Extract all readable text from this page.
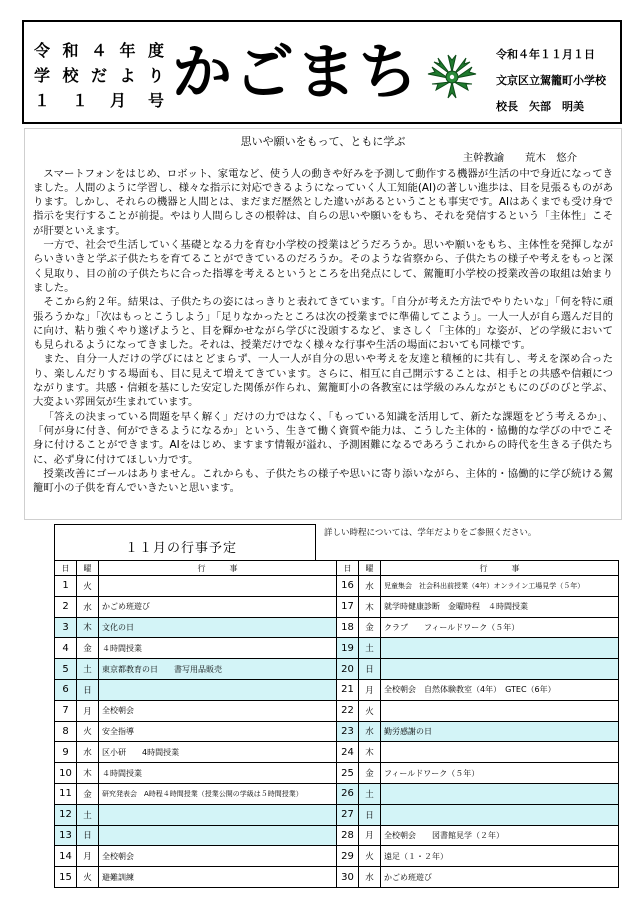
令和４年度
学校だより
１１月号 かごまち	令和４年１１月１日
文京区立駕籠町小学校
校長　矢部　明美
思いや願いをもって、ともに学ぶ
主幹教諭　　荒木　悠介

スマートフォンをはじめ、ロボット、家電など、使う人の動きや好みを予測して動作する機器が生活の中で身近になってきました。人間のように学習し、様々な指示に対応できるようになっていく人工知能(AI)の著しい進歩は、目を見張るものがあります。しかし、それらの機器と人間とは、まだまだ歴然とした違いがあるということも事実です。AIはあくまでも受け身で指示を実行することが前提。やはり人間らしさの根幹は、自らの思いや願いをもち、それを発信するという「主体性」こそが肝要といえます。

一方で、社会で生活していく基礎となる力を育む小学校の授業はどうだろうか。思いや願いをもち、主体性を発揮しながらいきいきと学ぶ子供たちを育てることができているのだろうか。そのような省察から、子供たちの様子や考えをもっと深く見取り、目の前の子供たちに合った指導を考えるというところを出発点にして、駕籠町小学校の授業改善の取組は始まりました。

そこから約２年。結果は、子供たちの姿にはっきりと表れてきています。「自分が考えた方法でやりたいな」「何を特に頑張ろうかな」「次はもっとこうしよう」「足りなかったところは次の授業までに準備してこよう」。一人一人が自ら選んだ目的に向け、粘り強くやり遂げようと、目を輝かせながら学びに没頭するなど、まさしく「主体的」な姿が、どの学級においても見られるようになってきました。それは、授業だけでなく様々な行事や生活の場面においても同様です。

また、自分一人だけの学びにはとどまらず、一人一人が自分の思いや考えを友達と積極的に共有し、考えを深め合ったり、楽しんだりする場面も、目に見えて増えてきています。さらに、相互に自己開示することは、相手との共感や信頼につながります。共感・信頼を基にした安定した関係が作られ、駕籠町小の各教室には学級のみんながともにのびのびと学ぶ、大変よい雰囲気が生まれています。

「答えの決まっている問題を早く解く」だけの力ではなく、「もっている知識を活用して、新たな課題をどう考えるか」、「何が身に付き、何ができるようになるか」という、生きて働く資質や能力は、こうした主体的・協働的な学びの中でこそ身に付けることができます。AIをはじめ、ますます情報が溢れ、予測困難になるであろうこれからの時代を生きる子供たちに、必ず身に付けてほしい力です。

授業改善にゴールはありません。これからも、子供たちの様子や思いに寄り添いながら、主体的・協働的に学び続ける駕籠町小の子供を育んでいきたいと思います。

１１月の行事予定
詳しい時程については、学年だよりをご参照ください。
日	曜	行　　　事	日	曜	行　　　事
1	火		16	水	児童集会　社会科出前授業（4年）オンライン工場見学（５年）
2	水	かごめ班遊び	17	木	就学時健康診断　金曜時程　４時間授業
3	木	文化の日	18	金	クラブ　　フィールドワーク（５年）
4	金	４時間授業	19	土	
5	土	東京都教育の日　　書写用品販売	20	日	
6	日		21	月	全校朝会　自然体験教室（4年）　GTEC（6年）
7	月	全校朝会	22	火	
8	火	安全指導	23	水	勤労感謝の日
9	水	区小研　　4時間授業	24	木	
10	木	４時間授業	25	金	フィールドワーク（５年）
11	金	研究発表会　A時程４時間授業（授業公開の学級は５時間授業）	26	土	
12	土		27	日	
13	日		28	月	全校朝会　　図書館見学（２年）
14	月	全校朝会	29	火	遠足（１・２年）
15	火	避難訓練	30	水	かごめ班遊び
